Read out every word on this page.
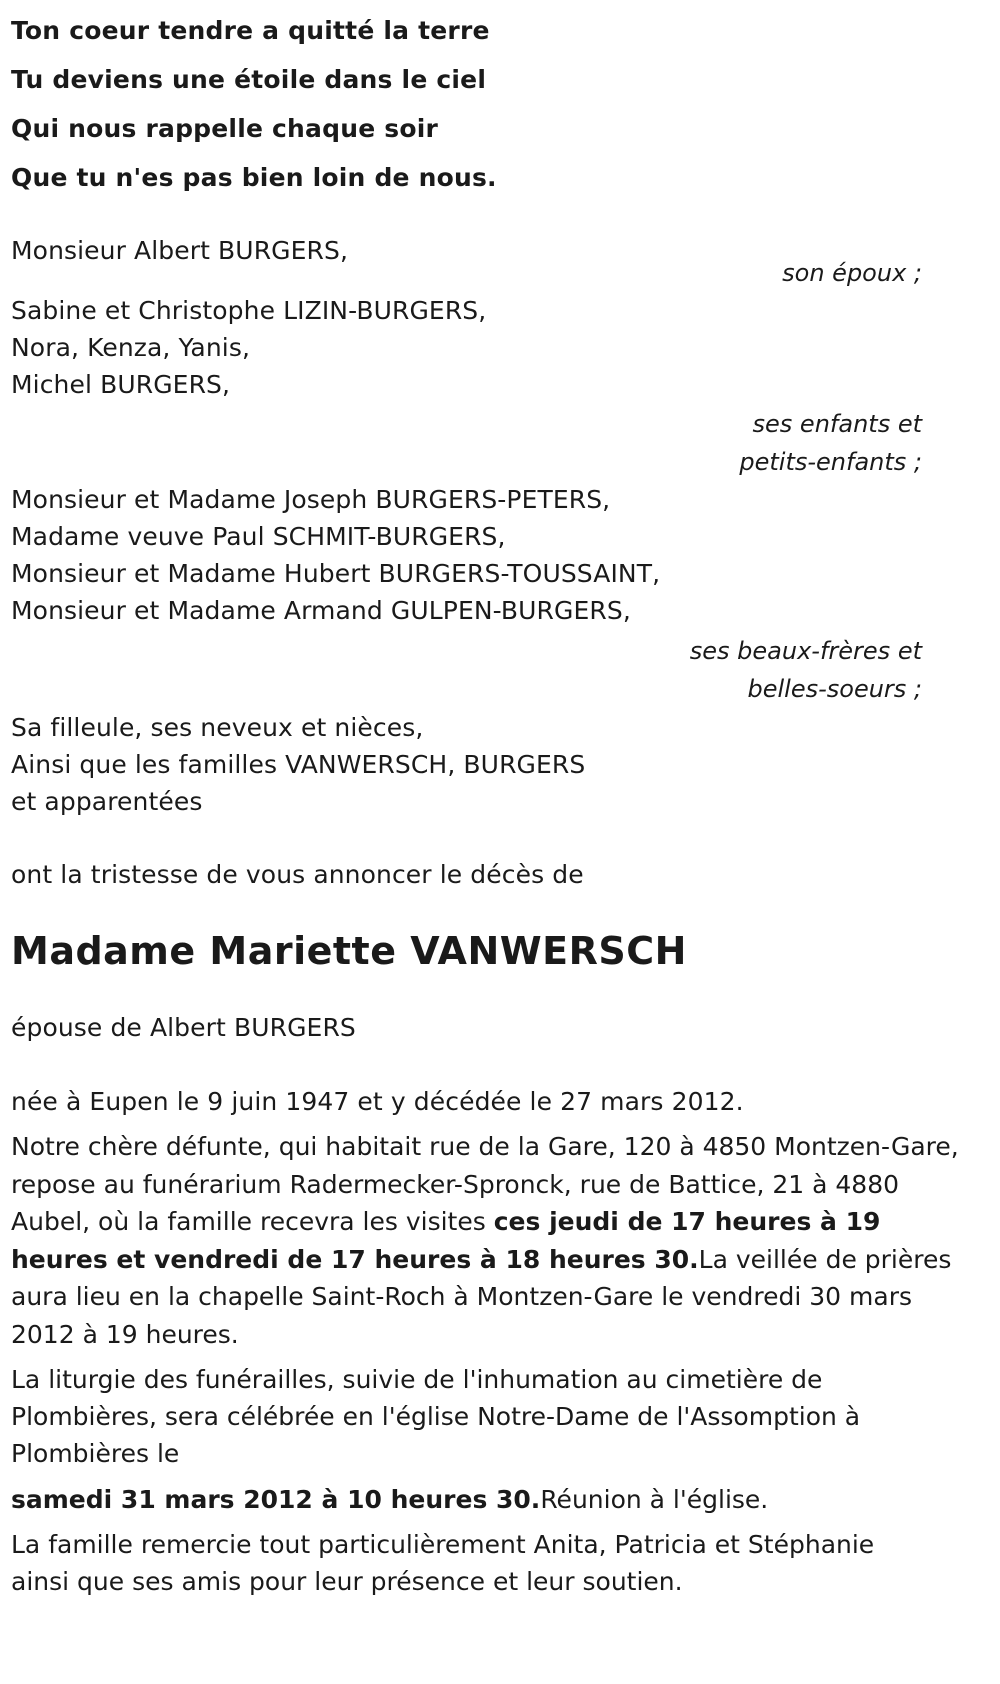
Ton coeur tendre a quitté la terre
Tu deviens une étoile dans le ciel
Qui nous rappelle chaque soir
Que tu n'es pas bien loin de nous.
Monsieur Albert BURGERS,
son époux ;
Sabine et Christophe LIZIN-BURGERS,
Nora, Kenza, Yanis,
Michel BURGERS,
ses enfants et
petits-enfants ;
Monsieur et Madame Joseph BURGERS-PETERS,
Madame veuve Paul SCHMIT-BURGERS,
Monsieur et Madame Hubert BURGERS-TOUSSAINT,
Monsieur et Madame Armand GULPEN-BURGERS,
ses beaux-frères et
belles-soeurs ;
Sa filleule, ses neveux et nièces,
Ainsi que les familles VANWERSCH, BURGERS
et apparentées
ont la tristesse de vous annoncer le décès de
Madame Mariette VANWERSCH
épouse de Albert BURGERS
née à Eupen le 9 juin 1947 et y décédée le 27 mars 2012.
Notre chère défunte, qui habitait rue de la Gare, 120 à 4850 Montzen-Gare, repose au funérarium Radermecker-Spronck, rue de Battice, 21 à 4880 Aubel, où la famille recevra les visites ces jeudi de 17 heures à 19 heures et vendredi de 17 heures à 18 heures 30.La veillée de prières aura lieu en la chapelle Saint-Roch à Montzen-Gare le vendredi 30 mars 2012 à 19 heures.
La liturgie des funérailles, suivie de l'inhumation au cimetière de Plombières, sera célébrée en l'église Notre-Dame de l'Assomption à Plombières le
samedi 31 mars 2012 à 10 heures 30.Réunion à l'église.
La famille remercie tout particulièrement Anita, Patricia et Stéphanie ainsi que ses amis pour leur présence et leur soutien.
